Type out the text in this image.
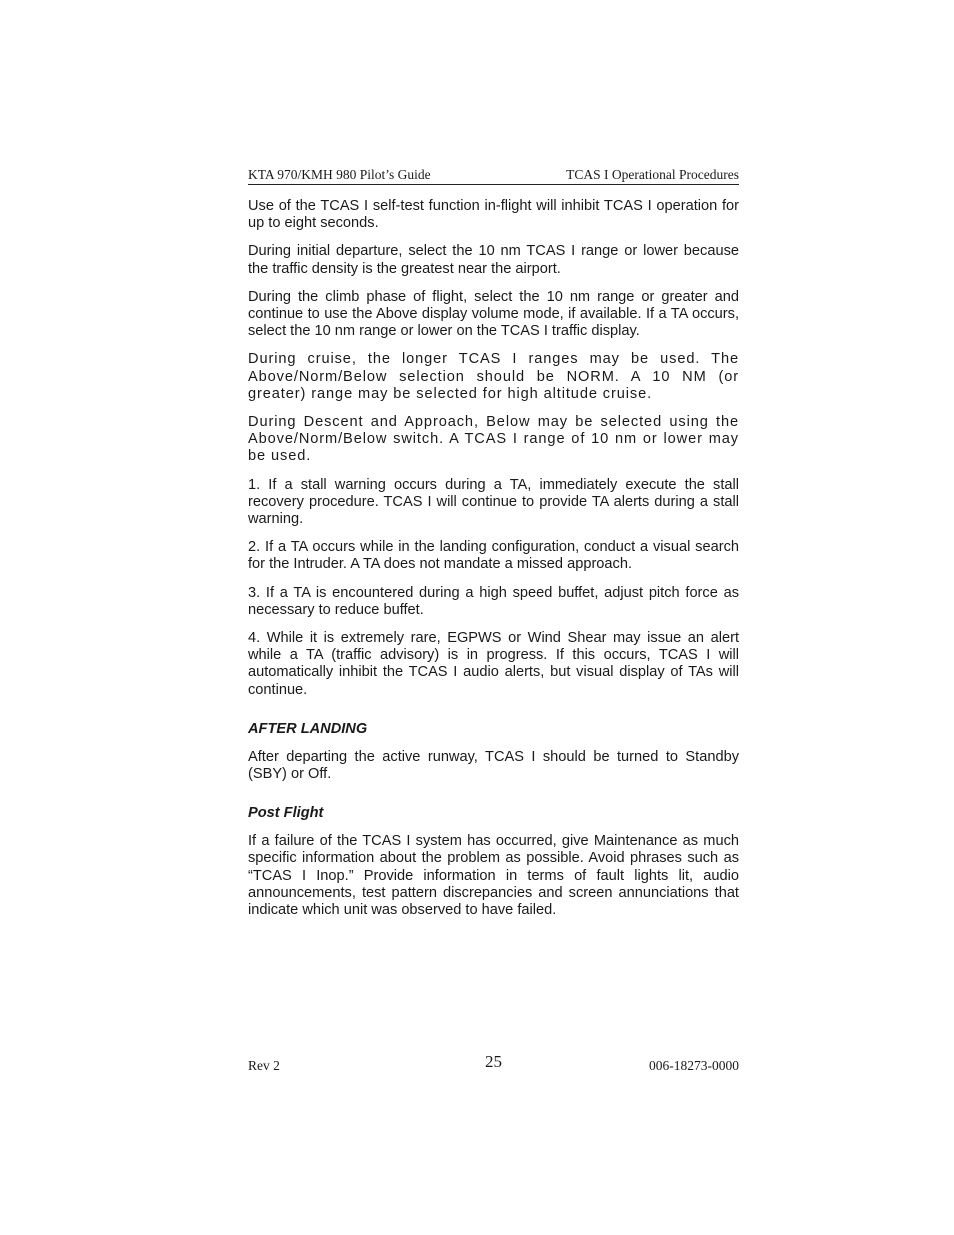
KTA 970/KMH 980 Pilot’s Guide	TCAS I Operational Procedures

Use of the TCAS I self-test function in-flight will inhibit TCAS I operation for up to eight seconds.

During initial departure, select the 10 nm TCAS I range or lower because the traffic density is the greatest near the airport.

During the climb phase of flight, select the 10 nm range or greater and continue to use the Above display volume mode, if available. If a TA occurs, select the 10 nm range or lower on the TCAS I traffic display.

During cruise, the longer TCAS I ranges may be used. The Above/Norm/Below selection should be NORM. A 10 NM (or greater) range may be selected for high altitude cruise.

During Descent and Approach, Below may be selected using the Above/Norm/Below switch. A TCAS I range of 10 nm or lower may be used.

1. If a stall warning occurs during a TA, immediately execute the stall recovery procedure. TCAS I will continue to provide TA alerts during a stall warning.

2. If a TA occurs while in the landing configuration, conduct a visual search for the Intruder. A TA does not mandate a missed approach.

3. If a TA is encountered during a high speed buffet, adjust pitch force as necessary to reduce buffet.

4. While it is extremely rare, EGPWS or Wind Shear may issue an alert while a TA (traffic advisory) is in progress. If this occurs, TCAS I will automatically inhibit the TCAS I audio alerts, but visual display of TAs will continue.

AFTER LANDING

After departing the active runway, TCAS I should be turned to Standby (SBY) or Off.

Post Flight

If a failure of the TCAS I system has occurred, give Maintenance as much specific information about the problem as possible. Avoid phrases such as “TCAS I Inop.” Provide information in terms of fault lights lit, audio announcements, test pattern discrepancies and screen annunciations that indicate which unit was observed to have failed.

Rev 2	25	006-18273-0000
